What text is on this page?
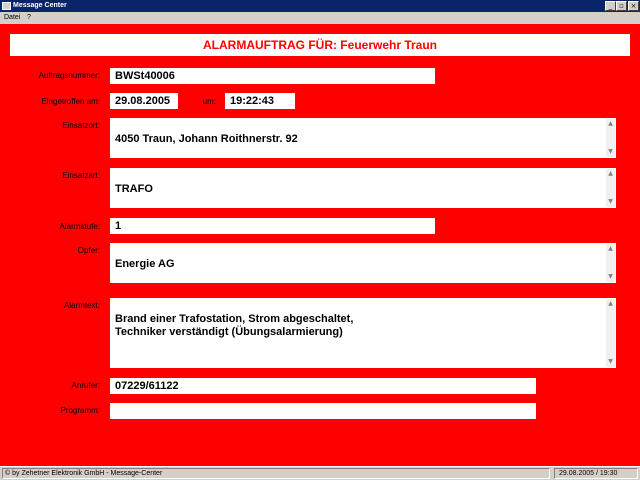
Message Center	_ ▫ ×
Datei ?
ALARMAUFTRAG FÜR: Feuerwehr Traun
Auftragsnummer:	BWSt40006
Eingetroffen am:	29.08.2005	um:	19:22:43
Einsatzort:

4050 Traun, Johann Roithnerstr. 92

▲

▼

Einsatzart:

TRAFO

▲

▼

Alarmstufe:	1
Opfer:

Energie AG

▲

▼

Alarmtext:

Brand einer Trafostation, Strom abgeschaltet,
Techniker verständigt (Übungsalarmierung)

▲

▼

Anrufer:	07229/61122
Programm:
© by Zehetner Elektronik GmbH - Message-Center	29.08.2005 / 19:30
